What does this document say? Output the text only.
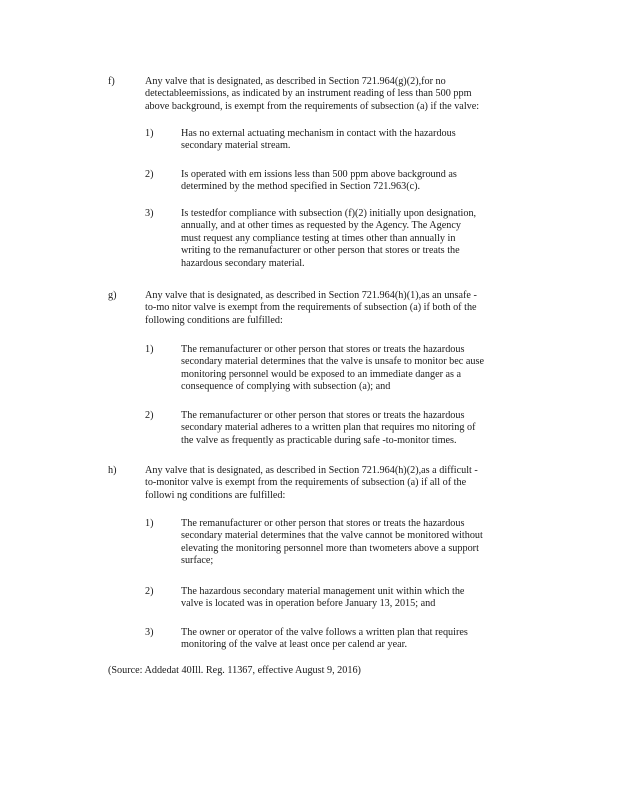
f)	Any valve that is designated, as described in Section 721.964(g)(2),for no
detectableemissions, as indicated by an instrument reading of less than 500 ppm
above background, is exempt from the requirements of subsection (a) if the valve:
1)	Has no external actuating mechanism in contact with the hazardous
secondary material stream.
2)	Is operated with em issions less than 500 ppm above background as
determined by the method specified in Section 721.963(c).
3)	Is testedfor compliance with subsection (f)(2) initially upon designation,
annually, and at other times as requested by the Agency. The Agency
must request any compliance testing at times other than annually in
writing to the remanufacturer or other person that stores or treats the
hazardous secondary material.
g)	Any valve that is designated, as described in Section 721.964(h)(1),as an unsafe -
to-mo nitor valve is exempt from the requirements of subsection (a) if both of the
following conditions are fulfilled:
1)	The remanufacturer or other person that stores or treats the hazardous
secondary material determines that the valve is unsafe to monitor bec ause
monitoring personnel would be exposed to an immediate danger as a
consequence of complying with subsection (a); and
2)	The remanufacturer or other person that stores or treats the hazardous
secondary material adheres to a written plan that requires mo nitoring of
the valve as frequently as practicable during safe -to-monitor times.
h)	Any valve that is designated, as described in Section 721.964(h)(2),as a difficult -
to-monitor valve is exempt from the requirements of subsection (a) if all of the
followi ng conditions are fulfilled:
1)	The remanufacturer or other person that stores or treats the hazardous
secondary material determines that the valve cannot be monitored without
elevating the monitoring personnel more than twometers above a support
surface;
2)	The hazardous secondary material management unit within which the
valve is located was in operation before January 13, 2015; and
3)	The owner or operator of the valve follows a written plan that requires
monitoring of the valve at least once per calend ar year.
(Source: Addedat 40Ill. Reg. 11367, effective August 9, 2016)
